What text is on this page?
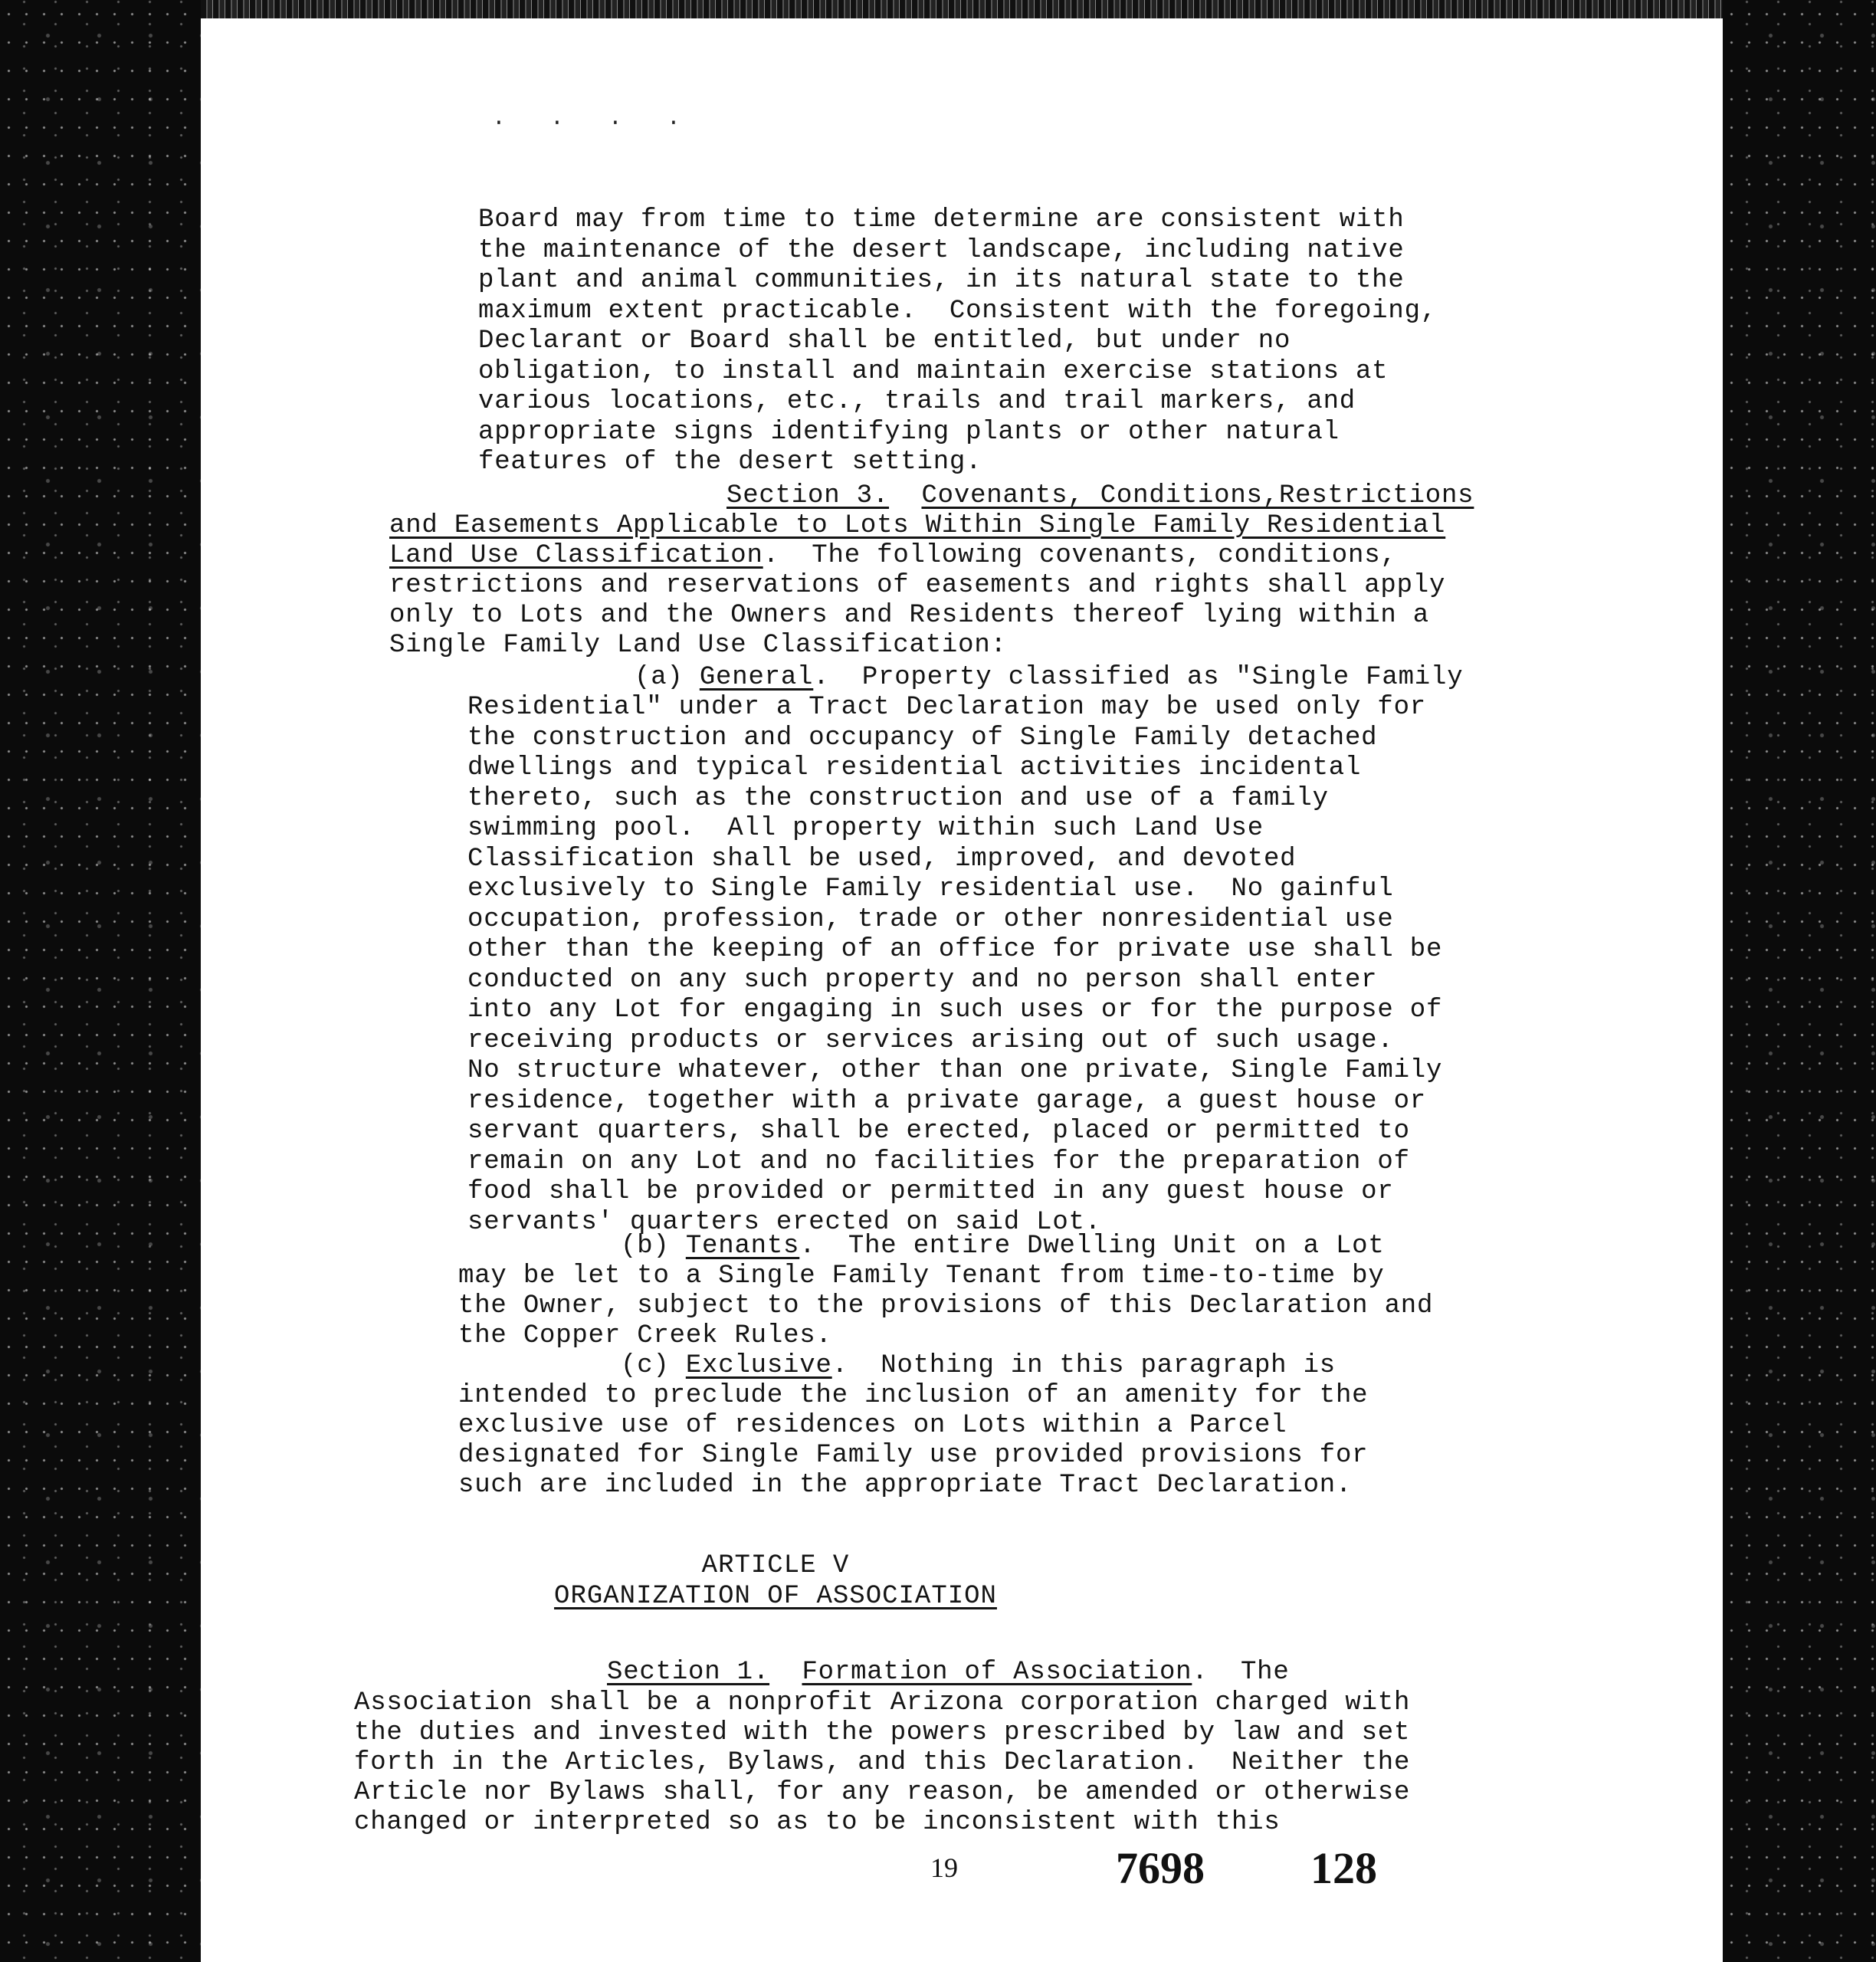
∙ ∙ ∙ ∙
Board may from time to time determine are consistent with
the maintenance of the desert landscape, including native
plant and animal communities, in its natural state to the
maximum extent practicable.  Consistent with the foregoing,
Declarant or Board shall be entitled, but under no
obligation, to install and maintain exercise stations at
various locations, etc., trails and trail markers, and
appropriate signs identifying plants or other natural
features of the desert setting.
Section 3. Covenants, Conditions,Restrictions
and Easements Applicable to Lots Within Single Family Residential
Land Use Classification.  The following covenants, conditions,
restrictions and reservations of easements and rights shall apply
only to Lots and the Owners and Residents thereof lying within a
Single Family Land Use Classification:
(a) General.  Property classified as "Single Family
Residential" under a Tract Declaration may be used only for
the construction and occupancy of Single Family detached
dwellings and typical residential activities incidental
thereto, such as the construction and use of a family
swimming pool.  All property within such Land Use
Classification shall be used, improved, and devoted
exclusively to Single Family residential use.  No gainful
occupation, profession, trade or other nonresidential use
other than the keeping of an office for private use shall be
conducted on any such property and no person shall enter
into any Lot for engaging in such uses or for the purpose of
receiving products or services arising out of such usage.
No structure whatever, other than one private, Single Family
residence, together with a private garage, a guest house or
servant quarters, shall be erected, placed or permitted to
remain on any Lot and no facilities for the preparation of
food shall be provided or permitted in any guest house or
servants' quarters erected on said Lot.
(b) Tenants.  The entire Dwelling Unit on a Lot
may be let to a Single Family Tenant from time-to-time by
the Owner, subject to the provisions of this Declaration and
the Copper Creek Rules.
(c) Exclusive.  Nothing in this paragraph is
intended to preclude the inclusion of an amenity for the
exclusive use of residences on Lots within a Parcel
designated for Single Family use provided provisions for
such are included in the appropriate Tract Declaration.
ARTICLE V
ORGANIZATION OF ASSOCIATION
Section 1. Formation of Association.  The
Association shall be a nonprofit Arizona corporation charged with
the duties and invested with the powers prescribed by law and set
forth in the Articles, Bylaws, and this Declaration.  Neither the
Article nor Bylaws shall, for any reason, be amended or otherwise
changed or interpreted so as to be inconsistent with this
19	7698 128
